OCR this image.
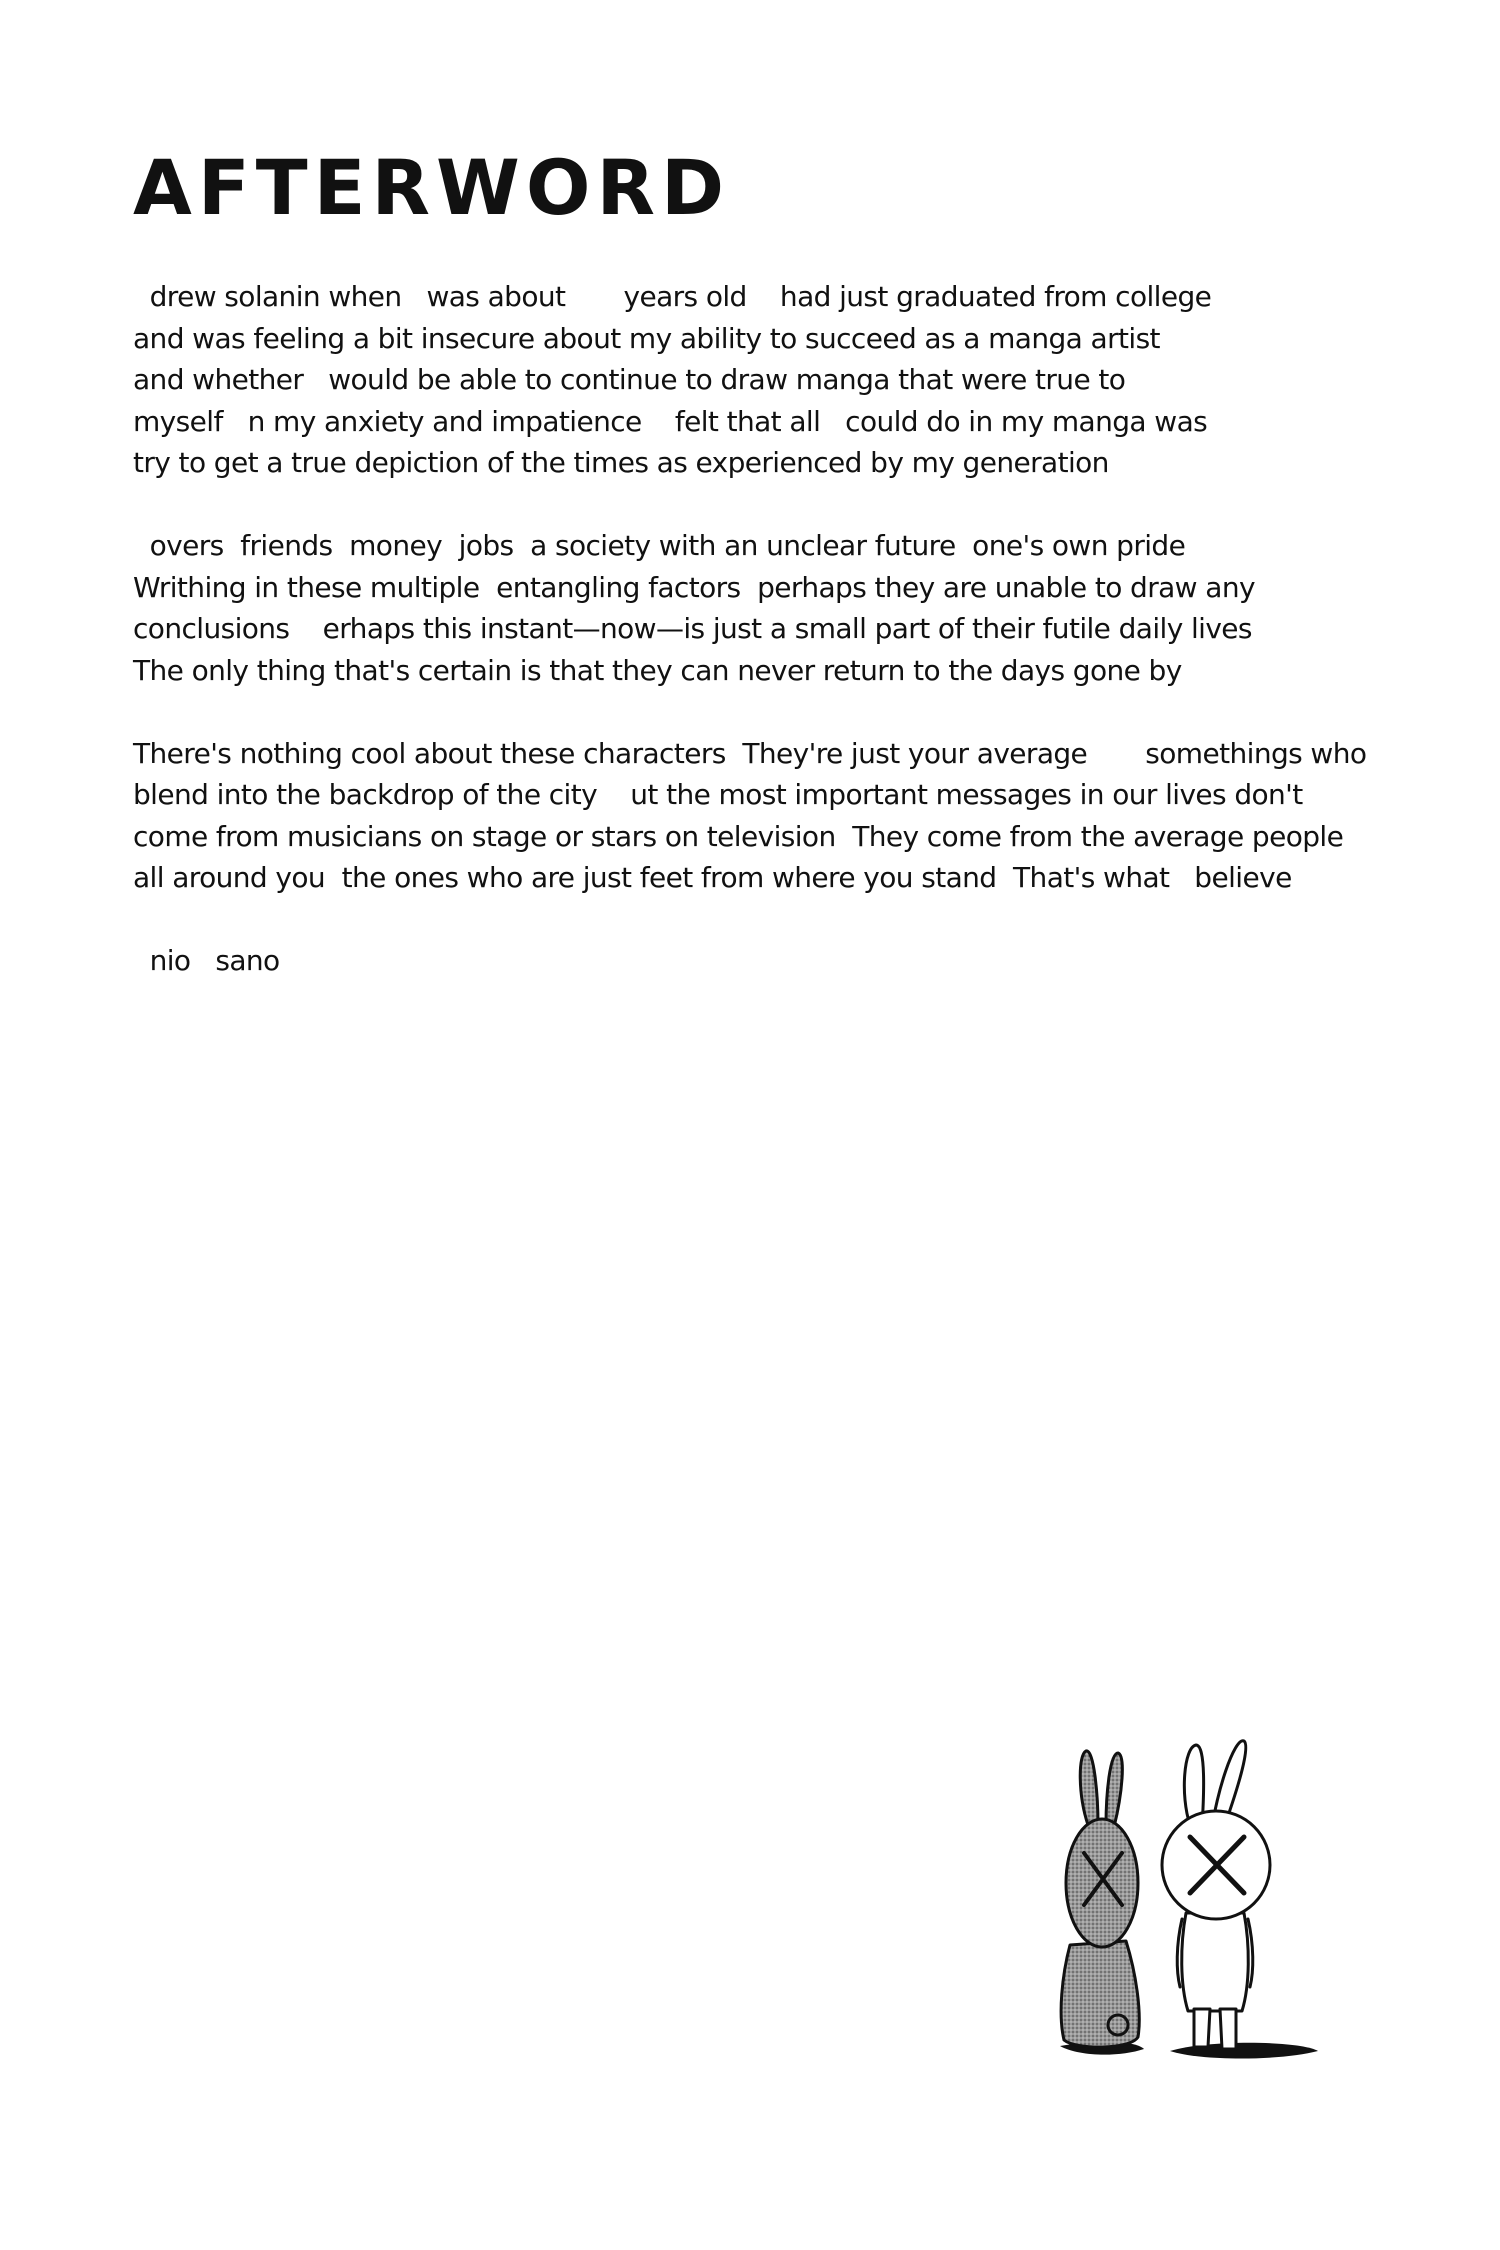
AFTERWORD

drew solanin when   was about       years old    had just graduated from college
and was feeling a bit insecure about my ability to succeed as a manga artist
and whether   would be able to continue to draw manga that were true to
myself   n my anxiety and impatience    felt that all   could do in my manga was
try to get a true depiction of the times as experienced by my generation

overs  friends  money  jobs  a society with an unclear future  one's own pride
Writhing in these multiple  entangling factors  perhaps they are unable to draw any
conclusions    erhaps this instant—now—is just a small part of their futile daily lives
The only thing that's certain is that they can never return to the days gone by

There's nothing cool about these characters  They're just your average       somethings who
blend into the backdrop of the city    ut the most important messages in our lives don't
come from musicians on stage or stars on television  They come from the average people
all around you  the ones who are just feet from where you stand  That's what   believe

nio   sano
